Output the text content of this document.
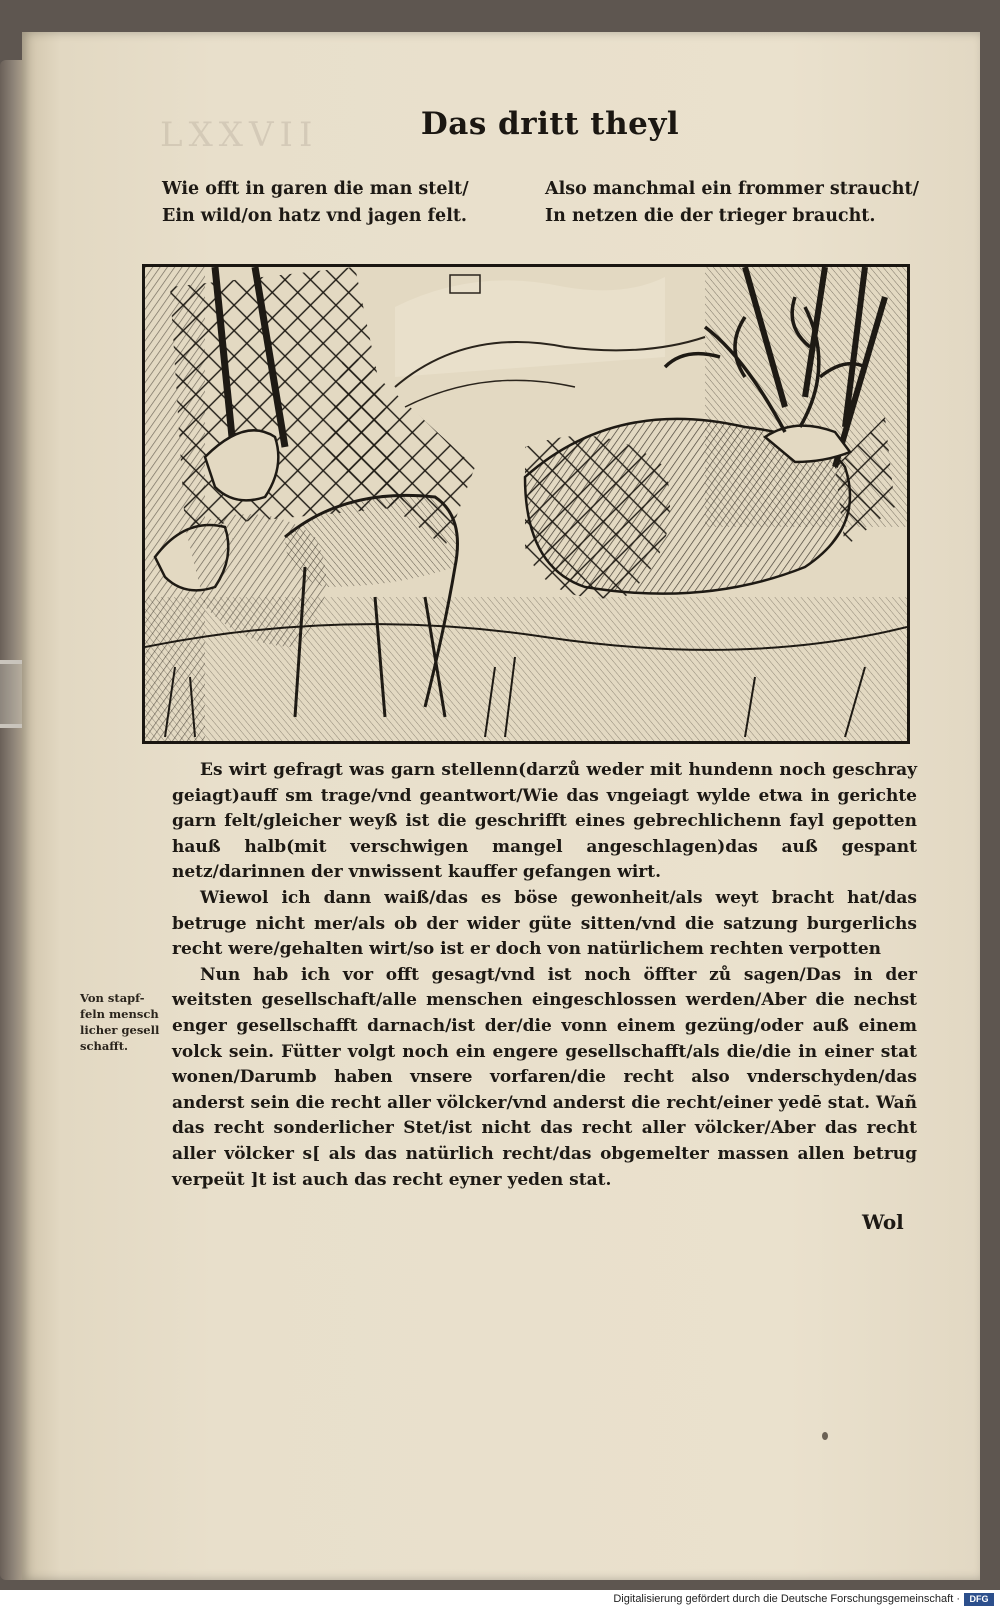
LXXVII	Das dritt theyl
Wie offt in garen die man stelt/
Ein wild/on hatz vnd jagen felt.
Also manchmal ein frommer straucht/
In netzen die der trieger braucht.
Von stapf-
feln mensch
licher gesell
schafft.

Es wirt gefragt was garn stellenn(darzů weder mit hundenn noch geschray geiagt)auff sm trage/vnd geantwort/Wie das vngeiagt wylde etwa in gerichte garn felt/gleicher weyß ist die geschrifft eines gebrechlichenn fayl gepotten hauß halb(mit verschwigen mangel angeschlagen)das auß gespant netz/darinnen der vnwissent kauffer gefangen wirt.

Wiewol ich dann waiß/das es böse gewonheit/als weyt bracht hat/das betruge nicht mer/als ob der wider güte sitten/vnd die satzung burgerlichs recht were/gehalten wirt/so ist er doch von natürlichem rechten verpotten

Nun hab ich vor offt gesagt/vnd ist noch öffter zů sagen/Das in der weitsten gesellschaft/alle menschen eingeschlossen werden/Aber die nechst enger gesellschafft darnach/ist der/die vonn einem gezüng/oder auß einem volck sein. Fütter volgt noch ein engere gesellschafft/als die/die in einer stat wonen/Darumb haben vnsere vorfaren/die recht also vnderschyden/das anderst sein die recht aller völcker/vnd anderst die recht/einer yedē stat. Wañ das recht sonderlicher Stet/ist nicht das recht aller völcker/Aber das recht aller völcker s[ als das natürlich recht/das obgemelter massen allen betrug verpeüt ]t ist auch das recht eyner yeden stat.

Wol
Digitalisierung gefördert durch die Deutsche Forschungsgemeinschaft ·	DFG
